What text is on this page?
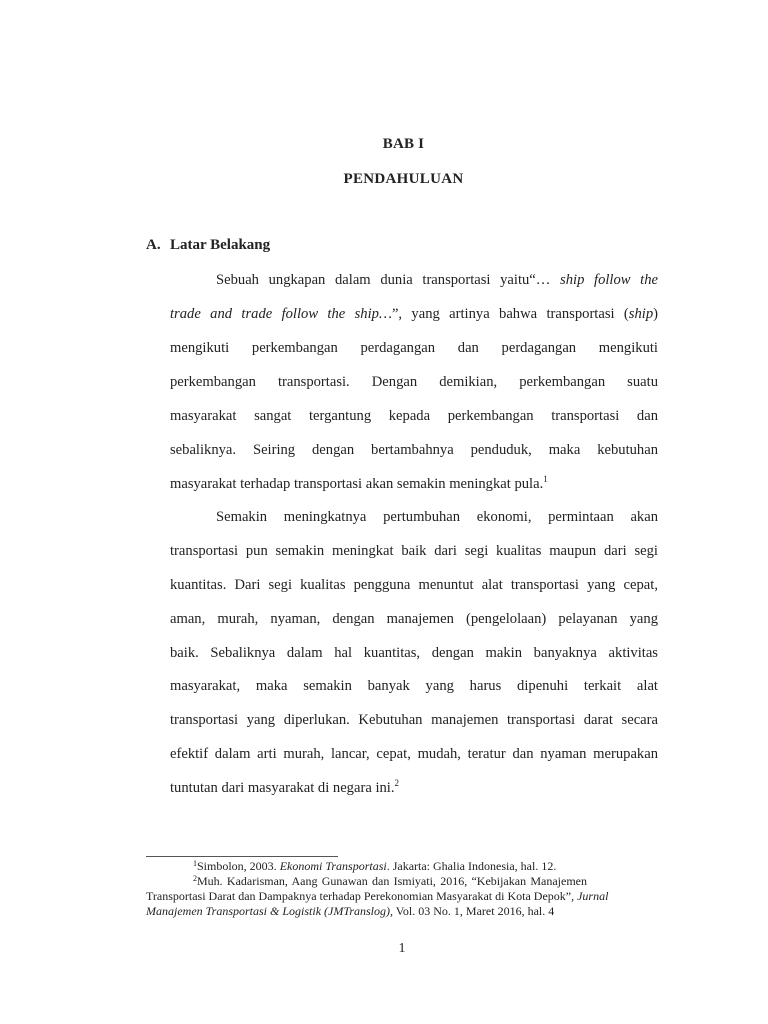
BAB I
PENDAHULUAN
A. Latar Belakang
Sebuah ungkapan dalam dunia transportasi yaitu“… ship follow the
trade and trade follow the ship…”, yang artinya bahwa transportasi (ship)
mengikuti perkembangan perdagangan dan perdagangan mengikuti
perkembangan transportasi. Dengan demikian, perkembangan suatu
masyarakat sangat tergantung kepada perkembangan transportasi dan
sebaliknya. Seiring dengan bertambahnya penduduk, maka kebutuhan
masyarakat terhadap transportasi akan semakin meningkat pula.$^1$
Semakin meningkatnya pertumbuhan ekonomi, permintaan akan
transportasi pun semakin meningkat baik dari segi kualitas maupun dari segi
kuantitas. Dari segi kualitas pengguna menuntut alat transportasi yang cepat,
aman, murah, nyaman, dengan manajemen (pengelolaan) pelayanan yang
baik. Sebaliknya dalam hal kuantitas, dengan makin banyaknya aktivitas
masyarakat, maka semakin banyak yang harus dipenuhi terkait alat
transportasi yang diperlukan. Kebutuhan manajemen transportasi darat secara
efektif dalam arti murah, lancar, cepat, mudah, teratur dan nyaman merupakan
tuntutan dari masyarakat di negara ini.$^2$
$^1$Simbolon, 2003. Ekonomi Transportasi. Jakarta: Ghalia Indonesia, hal. 12.
$^2$Muh. Kadarisman, Aang Gunawan dan Ismiyati, 2016, “Kebijakan Manajemen
Transportasi Darat dan Dampaknya terhadap Perekonomian Masyarakat di Kota Depok”, Jurnal
Manajemen Transportasi & Logistik (JMTranslog), Vol. 03 No. 1, Maret 2016, hal. 4
1
